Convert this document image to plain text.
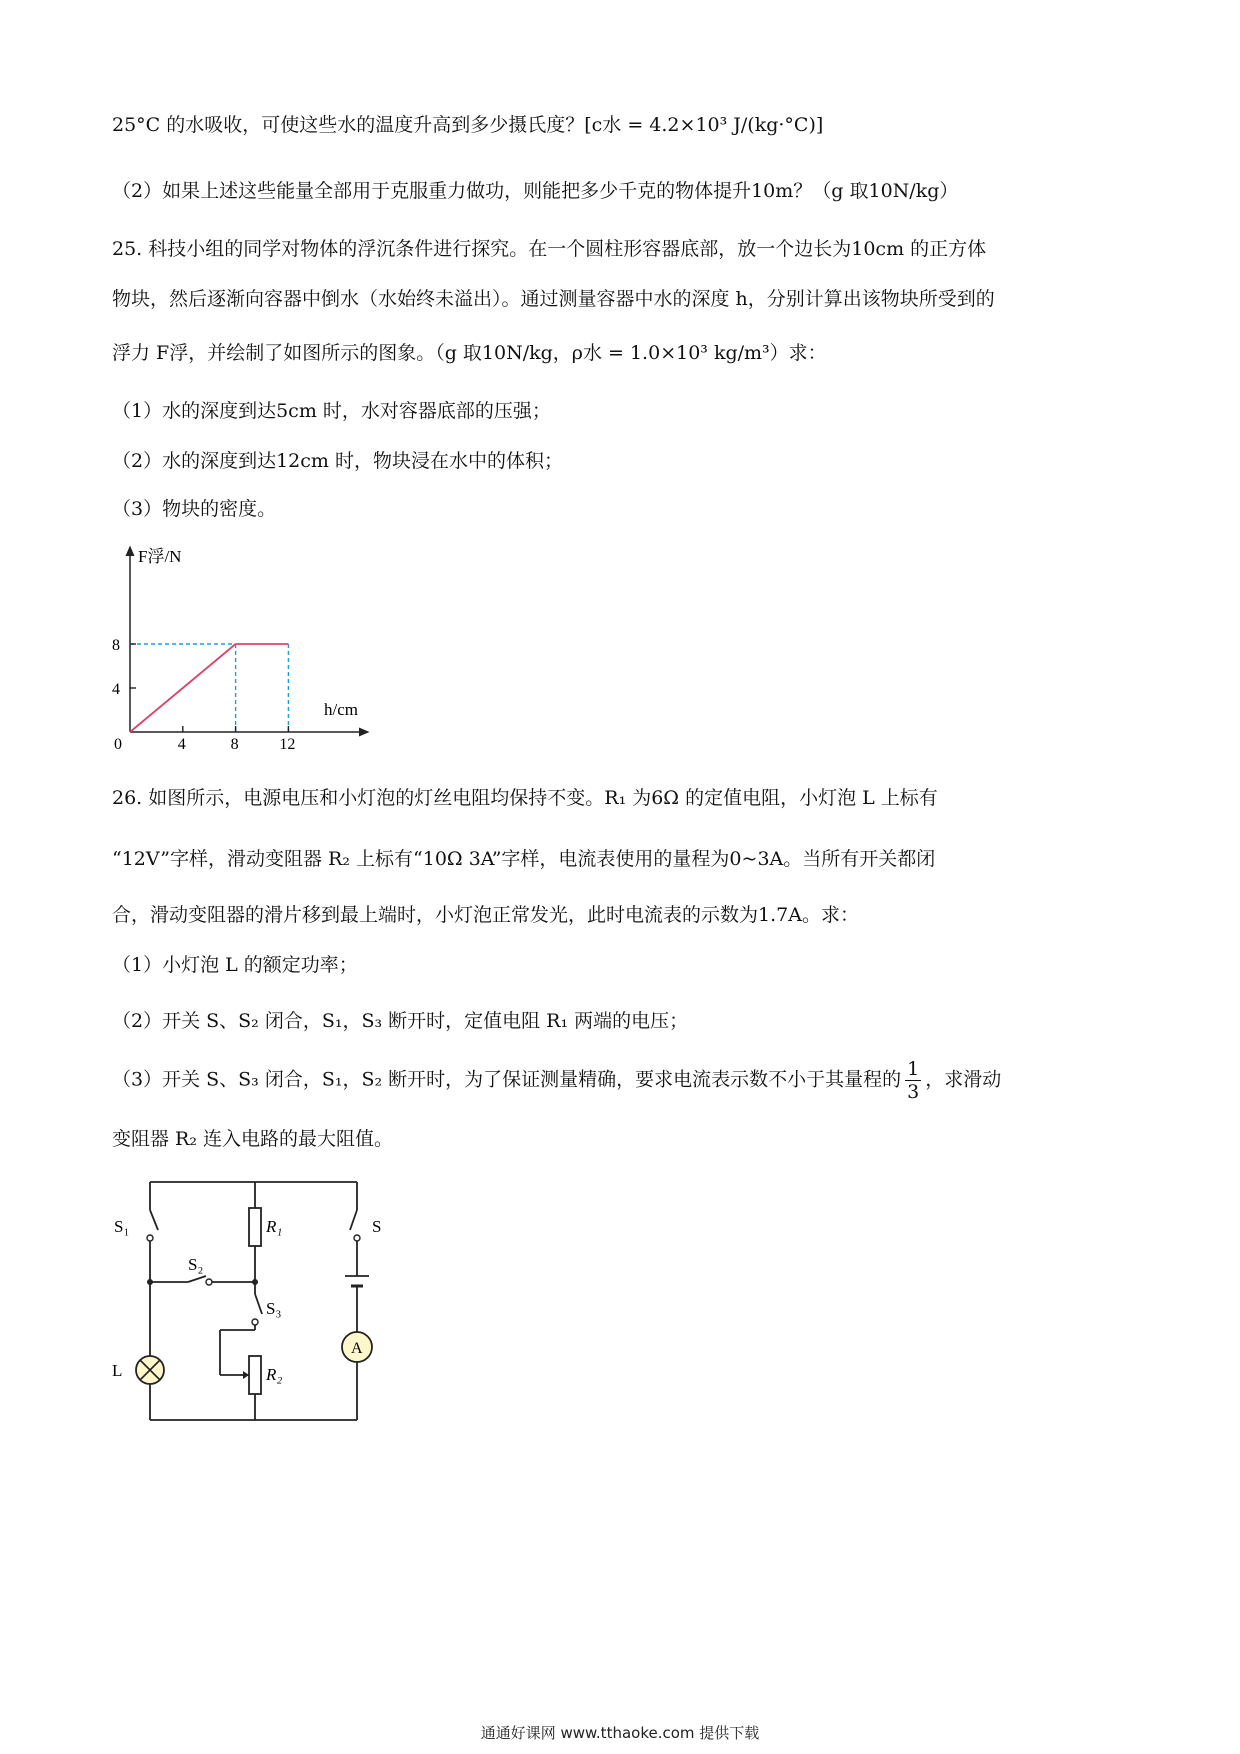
25°C 的水吸收，可使这些水的温度升高到多少摄氏度？[c水 = 4.2×10³ J/(kg·°C)]
（2）如果上述这些能量全部用于克服重力做功，则能把多少千克的物体提升10m？（g 取10N/kg）
25. 科技小组的同学对物体的浮沉条件进行探究。在一个圆柱形容器底部，放一个边长为10cm 的正方体
物块，然后逐渐向容器中倒水（水始终未溢出）。通过测量容器中水的深度 h，分别计算出该物块所受到的
浮力 F浮，并绘制了如图所示的图象。（g 取10N/kg，ρ水 = 1.0×10³ kg/m³）求：
（1）水的深度到达5cm 时，水对容器底部的压强；
（2）水的深度到达12cm 时，物块浸在水中的体积；
（3）物块的密度。
F浮/N
h/cm
0
4
8
4	8	12
26. 如图所示，电源电压和小灯泡的灯丝电阻均保持不变。R₁ 为6Ω 的定值电阻，小灯泡 L 上标有
“12V”字样，滑动变阻器 R₂ 上标有“10Ω 3A”字样，电流表使用的量程为0~3A。当所有开关都闭
合，滑动变阻器的滑片移到最上端时，小灯泡正常发光，此时电流表的示数为1.7A。求：
（1）小灯泡 L 的额定功率；
（2）开关 S、S₂ 闭合，S₁，S₃ 断开时，定值电阻 R₁ 两端的电压；
（3）开关 S、S₃ 闭合，S₁，S₂ 断开时，为了保证测量精确，要求电流表示数不小于其量程的 $\frac{1}{3}$ ，求滑动
变阻器 R₂ 连入电路的最大阻值。
A
S₁
S₂
S₃
S
R₁
R₂
L
通通好课网 www.tthaoke.com 提供下载
